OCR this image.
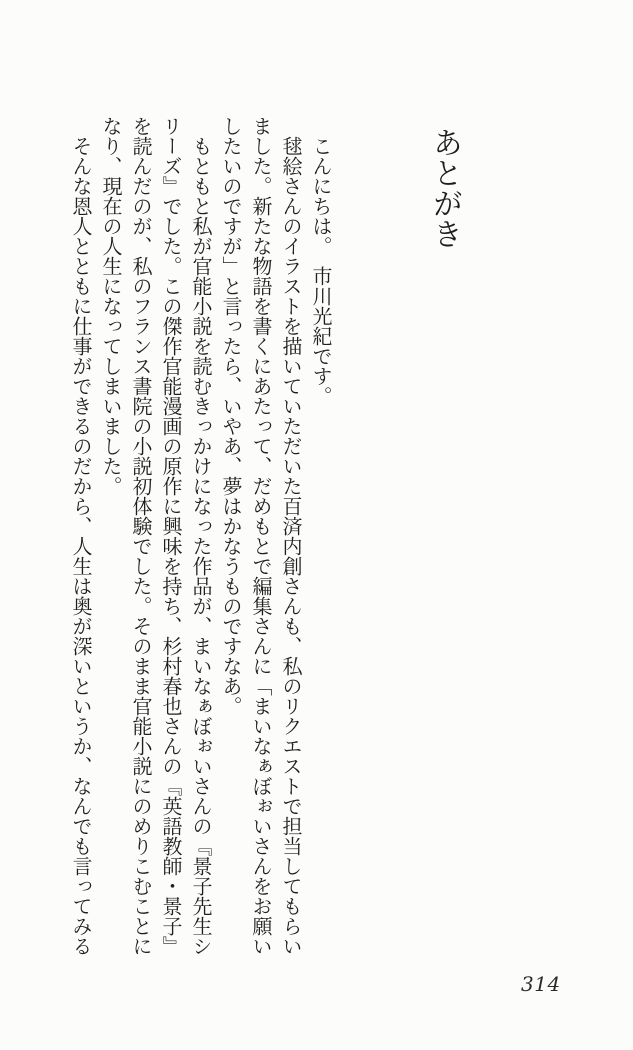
あとがき

こんにちは。　市川光紀です。

毬絵さんのイラストを描いていただいた百済内創さんも、私のリクエストで担当してもらいました。新たな物語を書くにあたって、だめもとで編集さんに「まいなぁぼぉいさんをお願いしたいのですが」と言ったら、いやあ、夢はかなうものですなあ。

もともと私が官能小説を読むきっかけになった作品が、まいなぁぼぉいさんの『景子先生シリーズ』でした。この傑作官能漫画の原作に興味を持ち、杉村春也さんの『英語教師・景子』を読んだのが、私のフランス書院の小説初体験でした。そのまま官能小説にのめりこむことになり、現在の人生になってしまいました。

そんな恩人とともに仕事ができるのだから、人生は奥が深いというか、なんでも言ってみる

314
